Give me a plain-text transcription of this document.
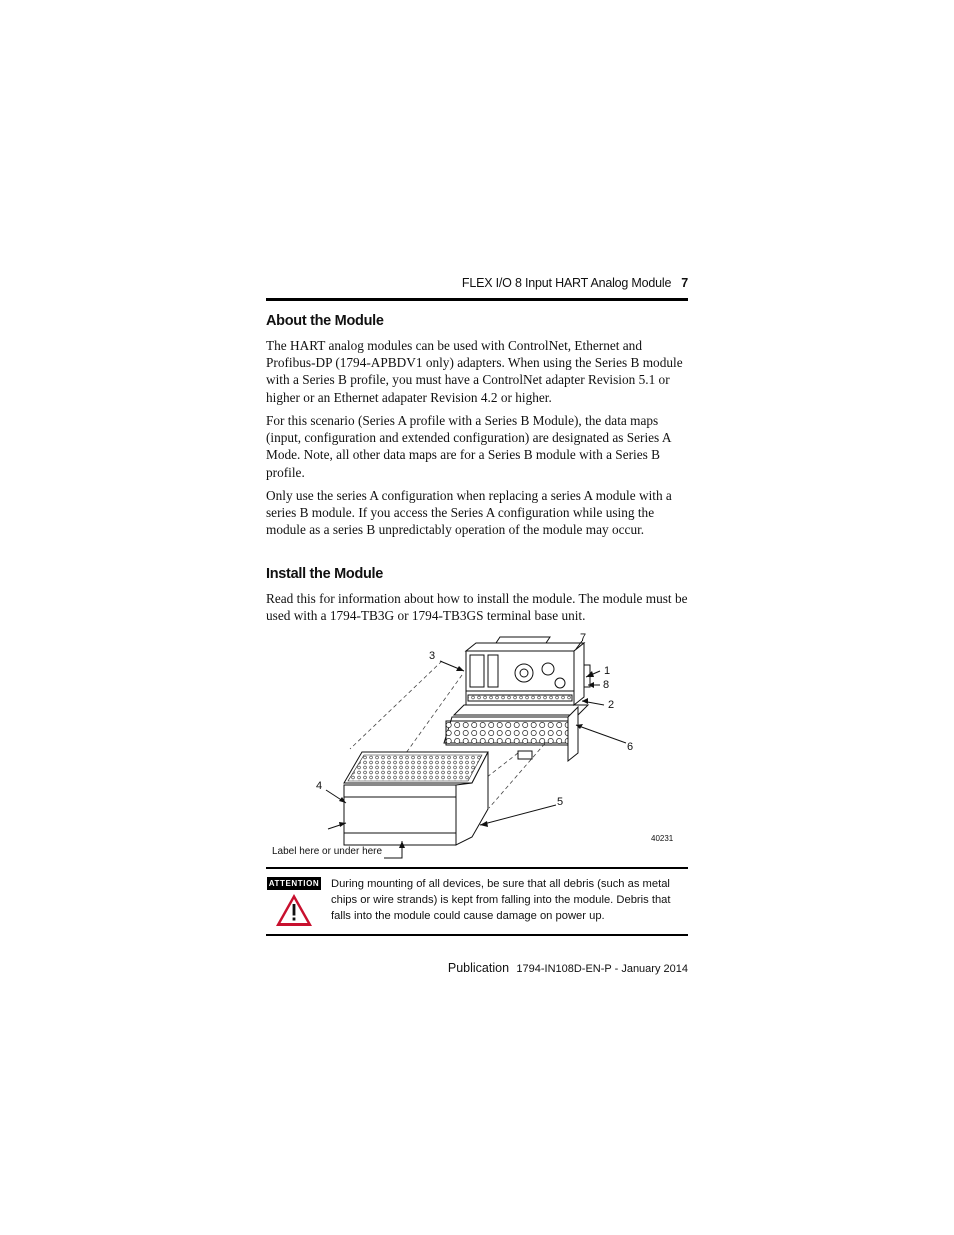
FLEX I/O 8 Input HART Analog Module 7
About the Module

The HART analog modules can be used with ControlNet, Ethernet and Profibus-DP (1794-APBDV1 only) adapters. When using the Series B module with a Series B profile, you must have a ControlNet adapter Revision 5.1 or higher or an Ethernet adapater Revision 4.2 or higher.

For this scenario (Series A profile with a Series B Module), the data maps (input, configuration and extended configuration) are designated as Series A Mode. Note, all other data maps are for a Series B module with a Series B profile.

Only use the series A configuration when replacing a series A module with a series B module. If you access the Series A configuration while using the module as a series B unpredictably operation of the module may occur.

Install the Module

Read this for information about how to install the module. The module must be used with a 1794-TB3G or 1794-TB3GS terminal base unit.

1
2
3
4
5
6
7
8
Label here or under here
40231
ATTENTION During mounting of all devices, be sure that all debris (such as metal chips or wire strands) is kept from falling into the module. Debris that falls into the module could cause damage on power up.

Publication 1794-IN108D-EN-P - January 2014
